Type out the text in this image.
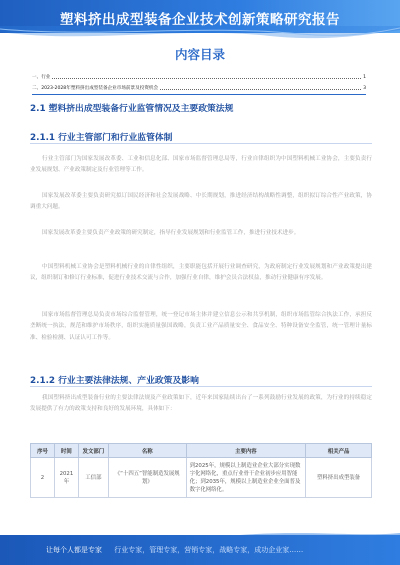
塑料挤出成型装备企业技术创新策略研究报告
内容目录
一、行业	1
二、2023-2028年塑料挤出成型装备企业市场前景及投资机会	3
2.1 塑料挤出成型装备行业监管情况及主要政策法规
2.1.1 行业主管部门和行业监管体制
行业主管部门为国家发展改革委、工业和信息化部、国家市场监督管理总局等，行业自律组织为中国塑料机械工业协会，主要负责行业发展规划、产业政策制定及行业管理等工作。
国家发展改革委主要负责研究拟订国民经济和社会发展战略、中长期规划，推进经济结构战略性调整，组织拟订综合性产业政策，协调重大问题。
国家发展改革委主要负责产业政策的研究制定，指导行业发展规划和行业监管工作，推进行业技术进步。
中国塑料机械工业协会是塑料机械行业的自律性组织，主要职能包括开展行业调查研究，为政府制定行业发展规划和产业政策提出建议，组织制订和修订行业标准，促进行业技术交流与合作，加强行业自律，维护会员合法权益，推动行业健康有序发展。
国家市场监督管理总局负责市场综合监督管理，统一登记市场主体并建立信息公示和共享机制，组织市场监管综合执法工作，承担反垄断统一执法，规范和维护市场秩序，组织实施质量强国战略，负责工业产品质量安全、食品安全、特种设备安全监管，统一管理计量标准、检验检测、认证认可工作等。
2.1.2 行业主要法律法规、产业政策及影响
我国塑料挤出成型装备行业的主要法律法规及产业政策如下，近年来国家陆续出台了一系列鼓励行业发展的政策，为行业的持续稳定发展提供了有力的政策支持和良好的发展环境，具体如下：
序号	时间	发文部门	名称	主要内容	相关产品
2	2021年	工信部	《“十四五”智能制造发展规划》	到2025年，规模以上制造业企业大部分实现数字化网络化，重点行业骨干企业初步应用智能化；到2035年，规模以上制造业企业全面普及数字化网络化。	塑料挤出成型装备
让每个人都是专家 行业专家，管理专家，营销专家，战略专家，成功企业家……
